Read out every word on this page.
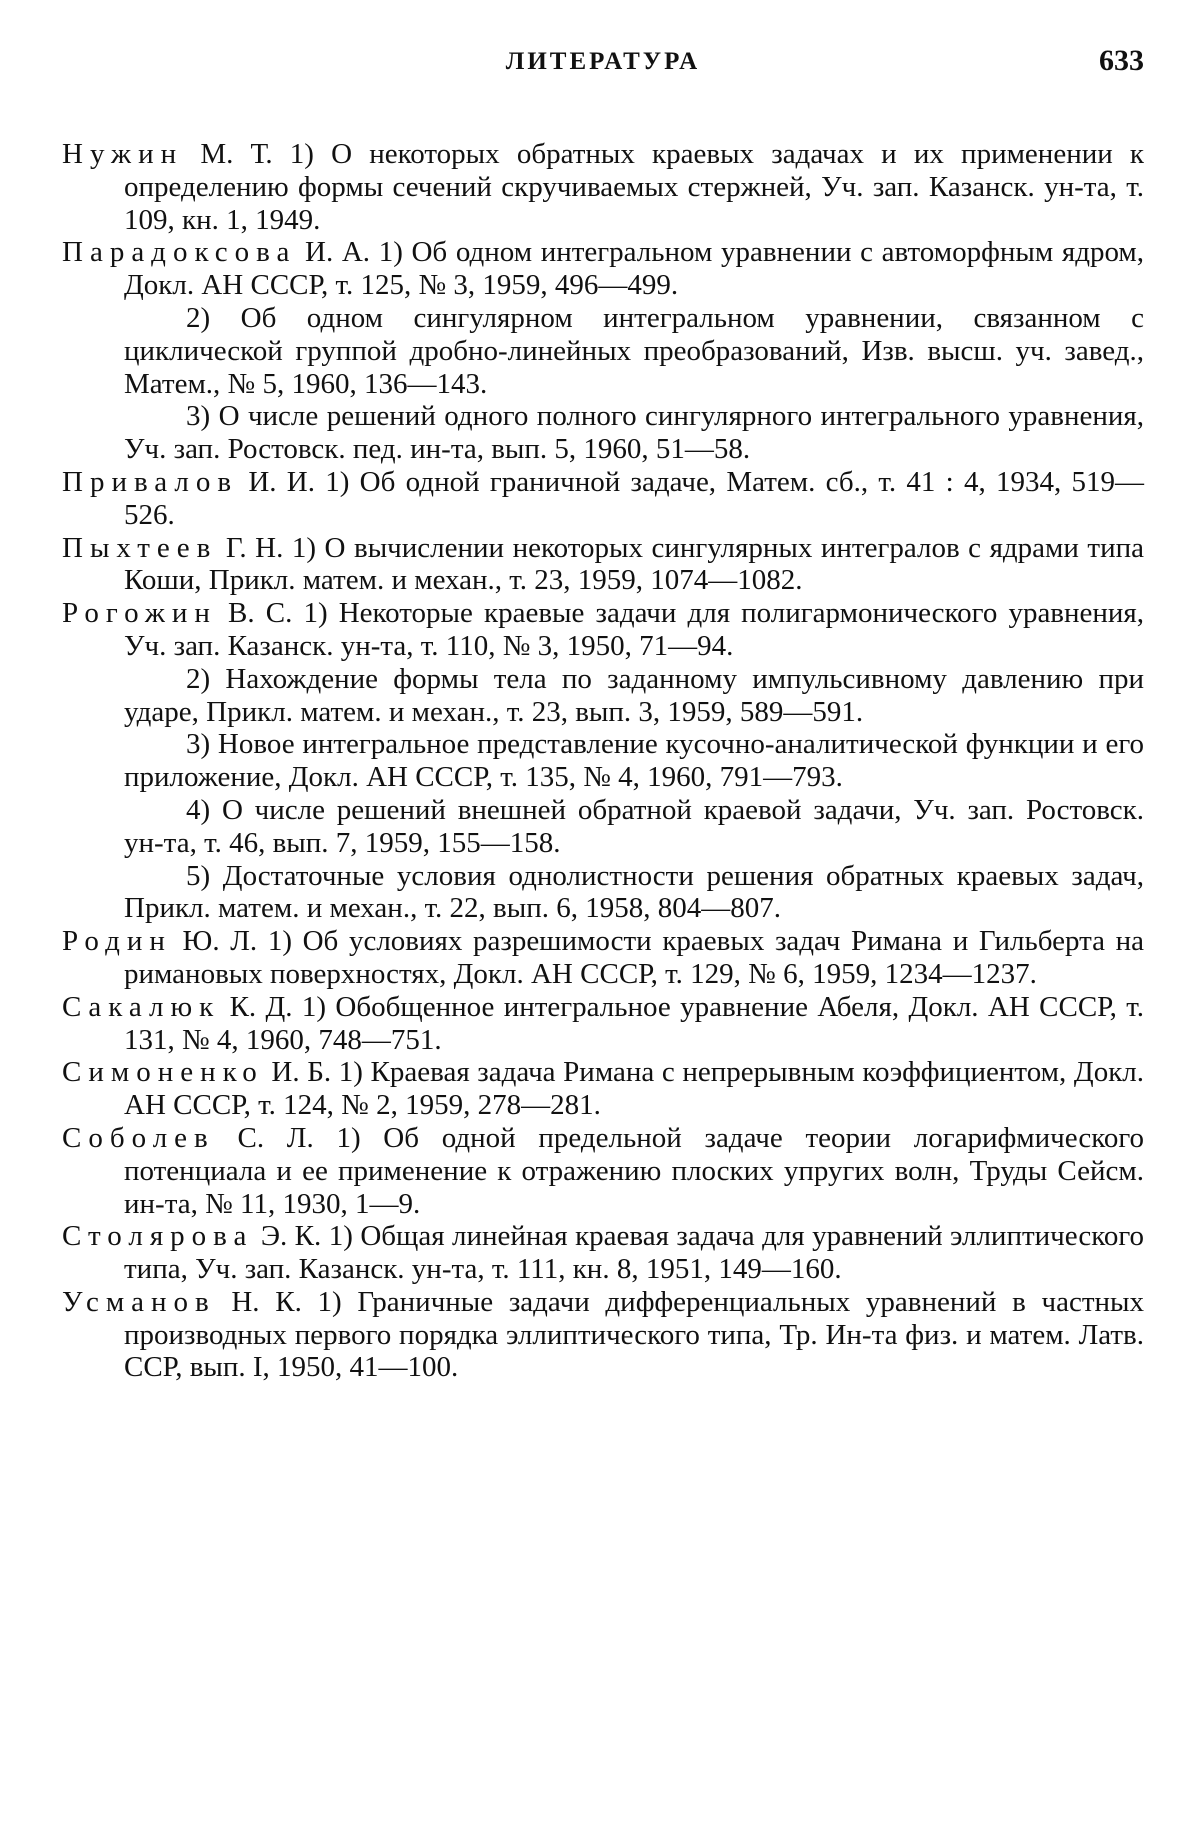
ЛИТЕРАТУРА	633

Нужин М. Т. 1) О некоторых обратных краевых задачах и их применении к определению формы сечений скручиваемых стержней, Уч. зап. Казанск. ун-та, т. 109, кн. 1, 1949.

Парадоксова И. А. 1) Об одном интегральном уравнении с автоморфным ядром, Докл. АН СССР, т. 125, № 3, 1959, 496—499.

2) Об одном сингулярном интегральном уравнении, связанном с циклической группой дробно-линейных преобразований, Изв. высш. уч. завед., Матем., № 5, 1960, 136—143.

3) О числе решений одного полного сингулярного интегрального уравнения, Уч. зап. Ростовск. пед. ин-та, вып. 5, 1960, 51—58.

Привалов И. И. 1) Об одной граничной задаче, Матем. сб., т. 41 : 4, 1934, 519—526.

Пыхтеев Г. Н. 1) О вычислении некоторых сингулярных интегралов с ядрами типа Коши, Прикл. матем. и механ., т. 23, 1959, 1074—1082.

Рогожин В. С. 1) Некоторые краевые задачи для полигармонического уравнения, Уч. зап. Казанск. ун-та, т. 110, № 3, 1950, 71—94.

2) Нахождение формы тела по заданному импульсивному давлению при ударе, Прикл. матем. и механ., т. 23, вып. 3, 1959, 589—591.

3) Новое интегральное представление кусочно-аналитической функции и его приложение, Докл. АН СССР, т. 135, № 4, 1960, 791—793.

4) О числе решений внешней обратной краевой задачи, Уч. зап. Ростовск. ун-та, т. 46, вып. 7, 1959, 155—158.

5) Достаточные условия однолистности решения обратных краевых задач, Прикл. матем. и механ., т. 22, вып. 6, 1958, 804—807.

Родин Ю. Л. 1) Об условиях разрешимости краевых задач Римана и Гильберта на римановых поверхностях, Докл. АН СССР, т. 129, № 6, 1959, 1234—1237.

Сакалюк К. Д. 1) Обобщенное интегральное уравнение Абеля, Докл. АН СССР, т. 131, № 4, 1960, 748—751.

Симоненко И. Б. 1) Краевая задача Римана с непрерывным коэффициентом, Докл. АН СССР, т. 124, № 2, 1959, 278—281.

Соболев С. Л. 1) Об одной предельной задаче теории логарифмического потенциала и ее применение к отражению плоских упругих волн, Труды Сейсм. ин-та, № 11, 1930, 1—9.

Столярова Э. К. 1) Общая линейная краевая задача для уравнений эллиптического типа, Уч. зап. Казанск. ун-та, т. 111, кн. 8, 1951, 149—160.

Усманов Н. К. 1) Граничные задачи дифференциальных уравнений в частных производных первого порядка эллиптического типа, Тр. Ин-та физ. и матем. Латв. ССР, вып. I, 1950, 41—100.
